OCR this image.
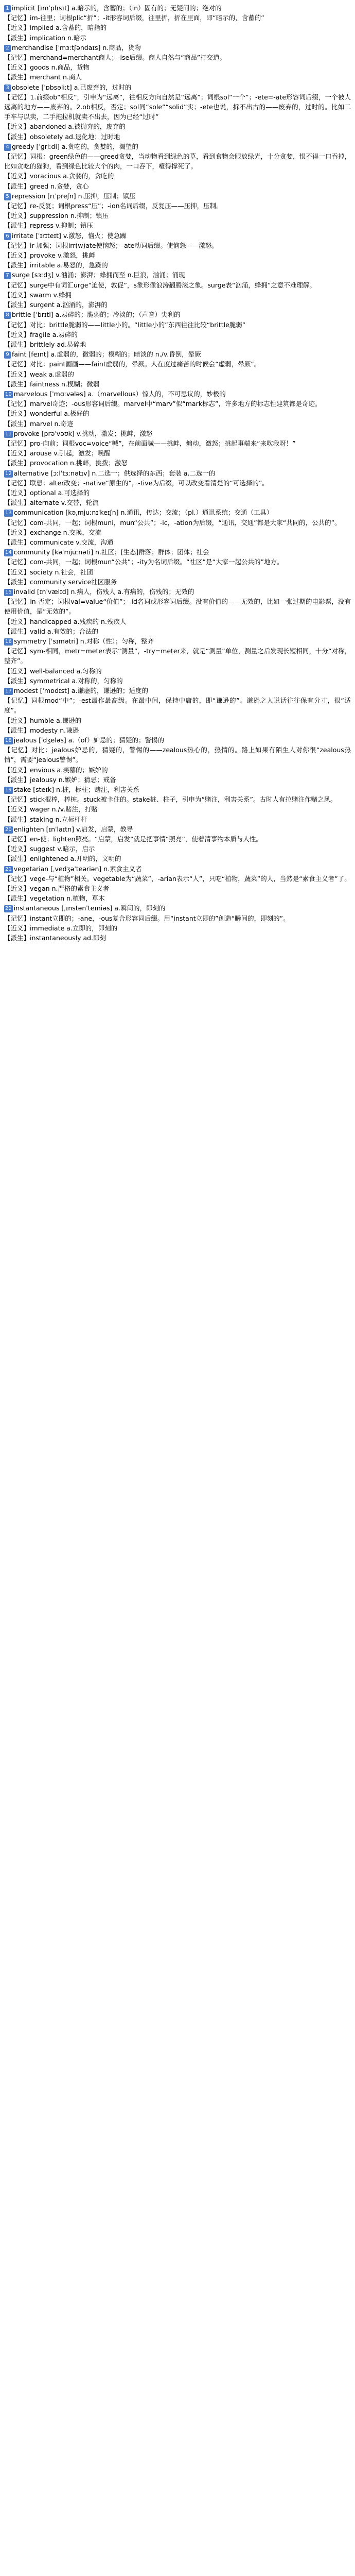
1 implicit [ɪmˈplɪsɪt] a.暗示的，含蓄的；（in）固有的；无疑问的；绝对的
【记忆】im-往里；词根plic“折”；-it形容词后缀，往里折，折在里面，即“暗示的，含蓄的”
【近义】implied a.含蓄的，暗指的
【派生】implication n.暗示
2 merchandise [ˈmɜːtʃəndaɪs] n.商品，货物
【记忆】merchand=merchant商人；-ise后缀。商人自然与“商品”打交道。
【近义】goods n.商品，货物
【派生】merchant n.商人
3 obsolete [ˈɒbsəliːt] a.已废弃的，过时的
【记忆】1.前缀ob“相反”，引申为“远离”，往相反方向自然是“远离”；词根sol“一个”；-ete=-ate形容词后缀，一个被人远离的地方——废弃的。2.ob相反，否定；sol同“sole”“solid”实；-ete也说，拆不出古的——废弃的，过时的。比如二手车与以卖，二手拖拉机就卖不出去，因为已经“过时”
【近义】abandoned a.被抛弃的，废弃的
【派生】obsoletely ad.退化地；过时地
4 greedy [ˈɡriːdi] a.贪吃的，贪婪的，渴望的
【记忆】词根：green绿色的——greed贪婪，当动物看到绿色的草，看到食物会眼放绿光，十分贪婪，恨不得一口吞掉，比如贪吃的猫狗，看到绿色比较大个的肉，一口吞下，噎得撑死了。
【近义】voracious a.贪婪的，贪吃的
【派生】greed n.贪婪，贪心
5 repression [rɪˈpreʃn] n.压抑，压制；镇压
【记忆】re-反复；词根press“压”；-ion名词后缀，反复压——压抑，压制。
【近义】suppression n.抑制；镇压
【派生】repress v.抑制；镇压
6 irritate [ˈɪrɪteɪt] v.激怒，恼火；使急躁
【记忆】ir-加强；词根irr(w)ate使恼怒；-ate动词后缀。使恼怒——激怒。
【近义】provoke v.激怒，挑衅
【派生】irritable a.易怒的，急躁的
7 surge [sɜːdʒ] v.汹涌；澎湃；蜂拥而至 n.巨浪，汹涌；涌现
【记忆】surge中有词汇urge“迫使，敦促”，s象形像浪涛翻腾滚之象。surge表“汹涌，蜂拥”之意不难理解。
【近义】swarm v.蜂拥
【派生】surgent a.汹涌的，澎湃的
8 brittle [ˈbrɪtl] a.易碎的；脆弱的；冷淡的；（声音）尖利的
【记忆】对比：brittle脆弱的——little小的。“little小的”东西往往比较“brittle脆弱”
【近义】fragile a.易碎的
【派生】brittlely ad.易碎地
9 faint [feɪnt] a.虚弱的，微弱的；模糊的；暗淡的 n./v.昏倒，晕厥
【记忆】对比：paint画画——faint虚弱的，晕厥。人在度过痛苦的时候会“虚弱，晕厥”。
【近义】weak a.虚弱的
【派生】faintness n.模糊；微弱
10 marvelous [ˈmɑːvələs] a.（marvellous）惊人的，不可思议的，妙极的
【记忆】marvel奇迹；-ous形容词后缀。marvel中“marv”似“mark标志”，许多地方的标志性建筑都是奇迹。
【近义】wonderful a.极好的
【派生】marvel n.奇迹
11 provoke [prəˈvəʊk] v.挑动，激发；挑衅，激怒
【记忆】pro-向前；词根voc=voice“喊”，在前面喊——挑衅，煽动，激怒；挑起事端来“来吹我呀！”
【近义】arouse v.引起，激发；唤醒
【派生】provocation n.挑衅，挑拨；激怒
12 alternative [ɔːlˈtɜːnətɪv] n.二选一；供选择的东西；套装 a.二选一的
【记忆】联想：alter改变；-native“原生的”，-tive为后缀，可以改变看清楚的“可选择的”。
【近义】optional a.可选择的
【派生】alternate v.交替，轮流
13 communication [kəˌmjuːnɪˈkeɪʃn] n.通讯，传达；交流；（pl.）通讯系统；交通（工具）
【记忆】com-共同，一起；词根muni，mun“公共”；-ic，-ation为后缀，“通讯，交通”都是大家“共同的，公共的”。
【近义】exchange n.交换，交流
【派生】communicate v.交流，沟通
14 community [kəˈmjuːnəti] n.社区；[生态]群落；群体；团体；社会
【记忆】com-共同，一起；词根mun“公共”；-ity为名词后缀。“社区”是“大家一起公共的”地方。
【近义】society n.社会，社团
【派生】community service社区服务
15 invalid [ɪnˈvælɪd] n.病人，伤残人 a.有病的，伤残的；无效的
【记忆】in-否定；词根val=value“价值”；-id名词或形容词后缀。没有价值的——无效的，比如一张过期的电影票，没有使用价值，是“无效的”。
【近义】handicapped a.残疾的 n.残疾人
【派生】valid a.有效的；合法的
16 symmetry [ˈsɪmətri] n.对称（性）；匀称，整齐
【记忆】sym-相同，metr=meter表示“测量”，-try=meter来，就是“测量”单位，测量之后发现长短相同，十分“对称，整齐”。
【近义】well-balanced a.匀称的
【派生】symmetrical a.对称的，匀称的
17 modest [ˈmɒdɪst] a.谦虚的，谦逊的；适度的
【记忆】词根mod“中”；-est最作最高级。在最中间，保持中庸的，即“谦逊的”。谦逊之人说话往往保有分寸，很“适度”。
【近义】humble a.谦逊的
【派生】modesty n.谦逊
18 jealous [ˈdʒeləs] a.（of）妒忌的；猜疑的；警惕的
【记忆】对比：jealous妒忌的，猜疑的，警惕的——zealous热心的，热情的。路上如果有陌生人对你很“zealous热情”，需要“jealous警惕”。
【近义】envious a.羡慕的；嫉妒的
【派生】jealousy n.嫉妒；猜忌；戒备
19 stake [steɪk] n.桩，标柱；赌注，利害关系
【记忆】stick棍棒，棒桩。stuck被卡住的。stake桩、柱子，引申为“赌注，利害关系”。古时人有拉赌注作赌之风。
【近义】wager n./v.赌注，打赌
【派生】staking n.立标杆杆
20 enlighten [ɪnˈlaɪtn] v.启发，启蒙，教导
【记忆】en-使；lighten照亮。“启蒙，启发”就是把事情“照亮”，使着清事物本质与人性。
【近义】suggest v.暗示，启示
【派生】enlightened a.开明的，文明的
21 vegetarian [ˌvedʒəˈteəriən] n.素食主义者
【记忆】vege-与“植物”相关。vegetable为“蔬菜”，-arian表示“人”，只吃“植物，蔬菜”的人，当然是“素食主义者”了。
【近义】vegan n.严格的素食主义者
【派生】vegetation n.植物，草木
22 instantaneous [ˌɪnstənˈteɪniəs] a.瞬间的，即刻的
【记忆】instant立即的；-ane，-ous复合形容词后缀。用“instant立即的”创造“瞬间的，即刻的”。
【近义】immediate a.立即的，即刻的
【派生】instantaneously ad.即刻
